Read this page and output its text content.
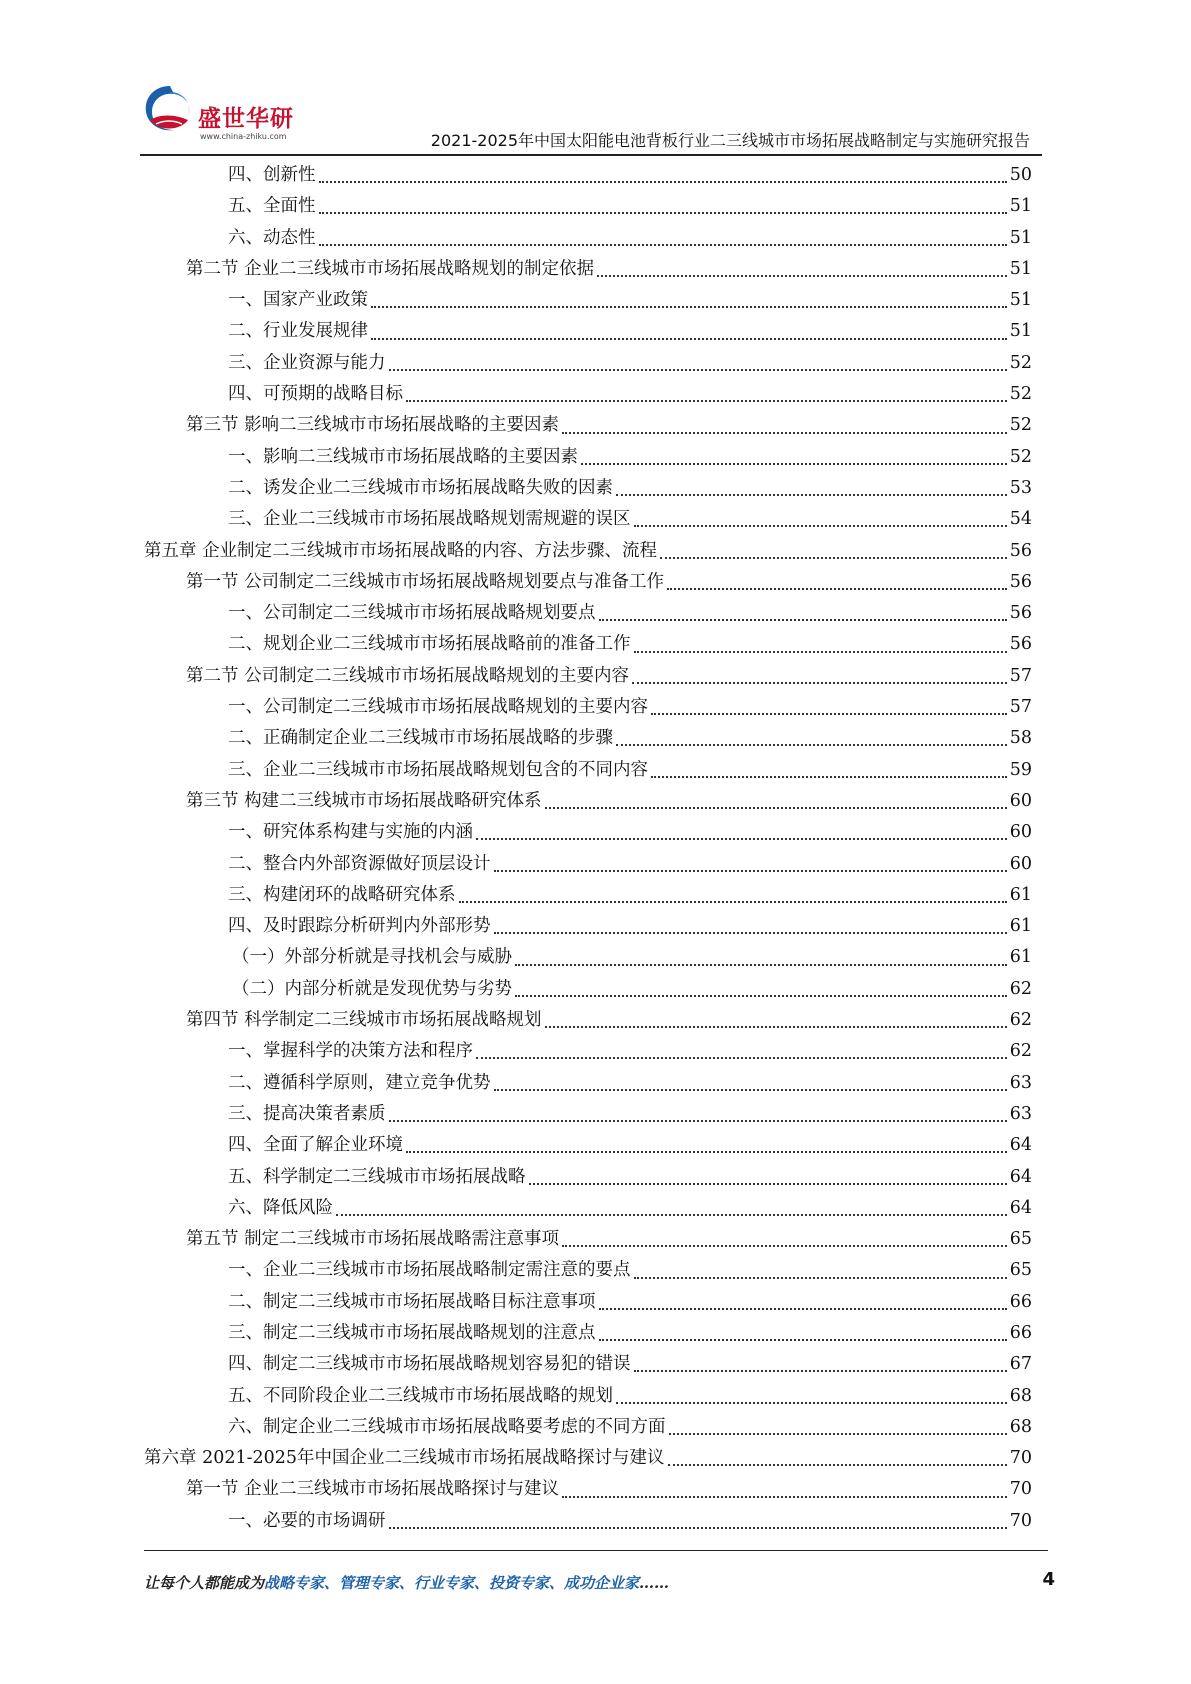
盛世华研
www.china-zhiku.com	2021-2025年中国太阳能电池背板行业二三线城市市场拓展战略制定与实施研究报告
四、创新性	50
五、全面性	51
六、动态性	51
第二节 企业二三线城市市场拓展战略规划的制定依据	51
一、国家产业政策	51
二、行业发展规律	51
三、企业资源与能力	52
四、可预期的战略目标	52
第三节 影响二三线城市市场拓展战略的主要因素	52
一、影响二三线城市市场拓展战略的主要因素	52
二、诱发企业二三线城市市场拓展战略失败的因素	53
三、企业二三线城市市场拓展战略规划需规避的误区	54
第五章 企业制定二三线城市市场拓展战略的内容、方法步骤、流程	56
第一节 公司制定二三线城市市场拓展战略规划要点与准备工作	56
一、公司制定二三线城市市场拓展战略规划要点	56
二、规划企业二三线城市市场拓展战略前的准备工作	56
第二节 公司制定二三线城市市场拓展战略规划的主要内容	57
一、公司制定二三线城市市场拓展战略规划的主要内容	57
二、正确制定企业二三线城市市场拓展战略的步骤	58
三、企业二三线城市市场拓展战略规划包含的不同内容	59
第三节 构建二三线城市市场拓展战略研究体系	60
一、研究体系构建与实施的内涵	60
二、整合内外部资源做好顶层设计	60
三、构建闭环的战略研究体系	61
四、及时跟踪分析研判内外部形势	61
（一）外部分析就是寻找机会与威胁	61
（二）内部分析就是发现优势与劣势	62
第四节 科学制定二三线城市市场拓展战略规划	62
一、掌握科学的决策方法和程序	62
二、遵循科学原则，建立竞争优势	63
三、提高决策者素质	63
四、全面了解企业环境	64
五、科学制定二三线城市市场拓展战略	64
六、降低风险	64
第五节 制定二三线城市市场拓展战略需注意事项	65
一、企业二三线城市市场拓展战略制定需注意的要点	65
二、制定二三线城市市场拓展战略目标注意事项	66
三、制定二三线城市市场拓展战略规划的注意点	66
四、制定二三线城市市场拓展战略规划容易犯的错误	67
五、不同阶段企业二三线城市市场拓展战略的规划	68
六、制定企业二三线城市市场拓展战略要考虑的不同方面	68
第六章 2021-2025年中国企业二三线城市市场拓展战略探讨与建议	70
第一节 企业二三线城市市场拓展战略探讨与建议	70
一、必要的市场调研	70
让每个人都能成为战略专家、管理专家、行业专家、投资专家、成功企业家……	4
